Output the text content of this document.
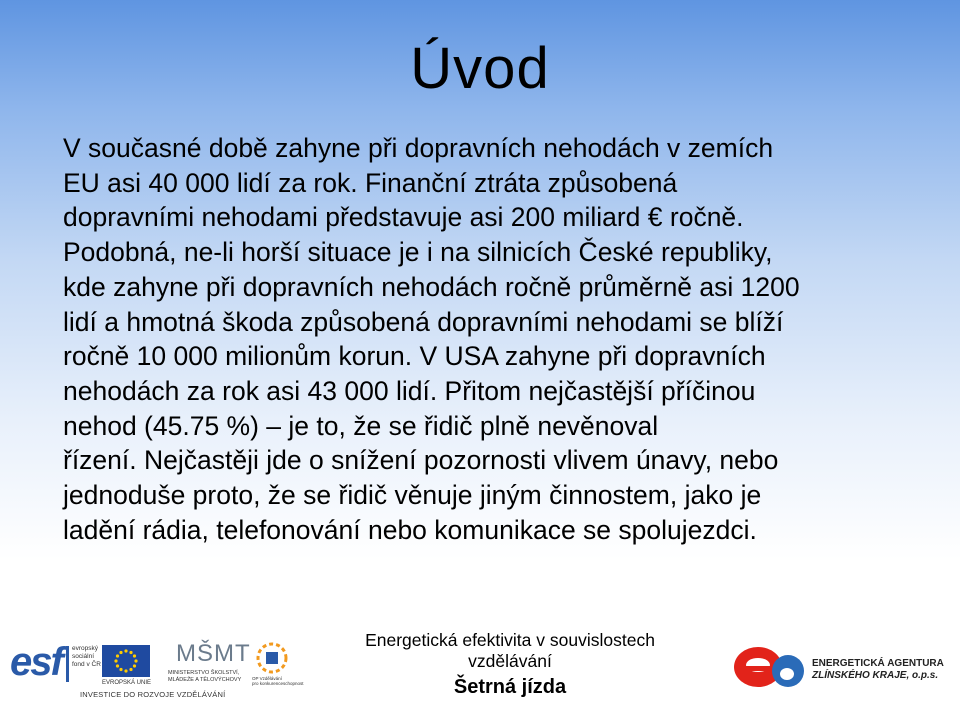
Úvod
V současné době zahyne při dopravních nehodách v zemích
EU asi 40 000 lidí za rok. Finanční ztráta způsobená
dopravními nehodami představuje asi 200 miliard € ročně.
Podobná, ne-li horší situace je i na silnicích České republiky,
kde zahyne při dopravních nehodách ročně průměrně asi 1200
lidí a hmotná škoda způsobená dopravními nehodami se blíží
ročně 10 000 milionům korun. V USA zahyne při dopravních
nehodách za rok asi 43 000 lidí. Přitom nejčastější příčinou
nehod (45.75 %) – je to, že se řidič plně nevěnoval
řízení. Nejčastěji jde o snížení pozornosti vlivem únavy, nebo
jednoduše proto, že se řidič věnuje jiným činnostem, jako je
ladění rádia, telefonování nebo komunikace se spolujezdci.
esf evropský
sociální
fond v ČR
EVROPSKÁ UNIE
MŠMT
MINISTERSTVO ŠKOLSTVÍ,
MLÁDEŽE A TĚLOVÝCHOVY OP Vzdělávání
pro konkurenceschopnost
INVESTICE DO ROZVOJE VZDĚLÁVÁNÍ
Energetická efektivita v souvislostech
vzdělávání
Šetrná jízda
ENERGETICKÁ AGENTURA
ZLÍNSKÉHO KRAJE, o.p.s.
